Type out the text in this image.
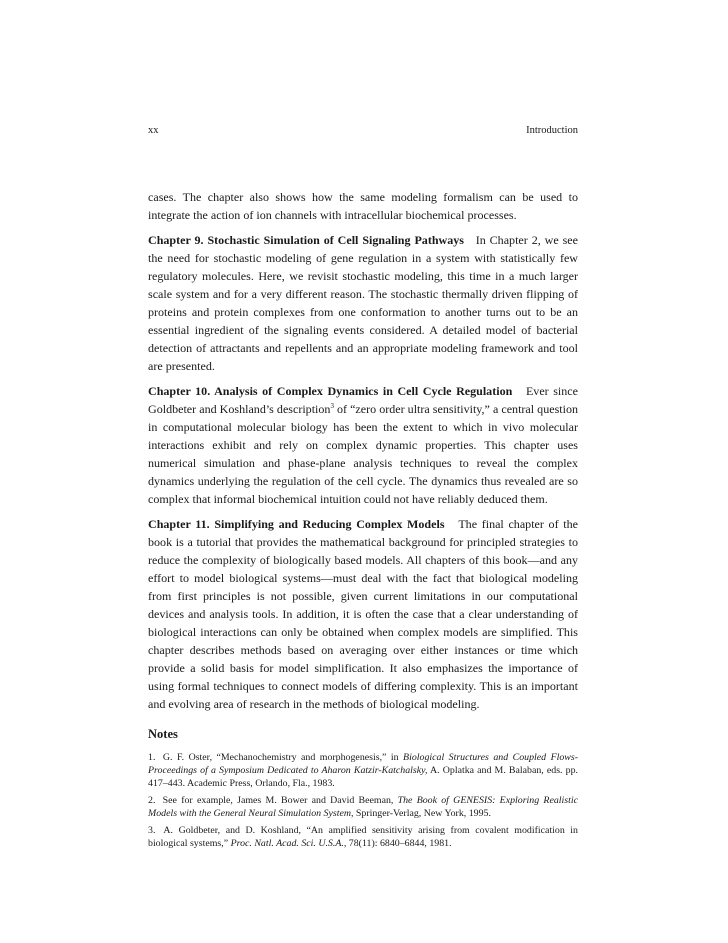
xx	Introduction

cases. The chapter also shows how the same modeling formalism can be used to integrate the action of ion channels with intracellular biochemical processes.

Chapter 9. Stochastic Simulation of Cell Signaling Pathways In Chapter 2, we see the need for stochastic modeling of gene regulation in a system with statistically few regulatory molecules. Here, we revisit stochastic modeling, this time in a much larger scale system and for a very different reason. The stochastic thermally driven flipping of proteins and protein complexes from one conformation to another turns out to be an essential ingredient of the signaling events considered. A detailed model of bacterial detection of attractants and repellents and an appropriate modeling framework and tool are presented.

Chapter 10. Analysis of Complex Dynamics in Cell Cycle Regulation Ever since Goldbeter and Koshland’s description$^3$ of “zero order ultra sensitivity,” a central question in computational molecular biology has been the extent to which in vivo molecular interactions exhibit and rely on complex dynamic properties. This chapter uses numerical simulation and phase-plane analysis techniques to reveal the complex dynamics underlying the regulation of the cell cycle. The dynamics thus revealed are so complex that informal biochemical intuition could not have reliably deduced them.

Chapter 11. Simplifying and Reducing Complex Models The final chapter of the book is a tutorial that provides the mathematical background for principled strategies to reduce the complexity of biologically based models. All chapters of this book—and any effort to model biological systems—must deal with the fact that biological modeling from first principles is not possible, given current limitations in our computational devices and analysis tools. In addition, it is often the case that a clear understanding of biological interactions can only be obtained when complex models are simplified. This chapter describes methods based on averaging over either instances or time which provide a solid basis for model simplification. It also emphasizes the importance of using formal techniques to connect models of differing complexity. This is an important and evolving area of research in the methods of biological modeling.

Notes
1. G. F. Oster, “Mechanochemistry and morphogenesis,” in Biological Structures and Coupled Flows-Proceedings of a Symposium Dedicated to Aharon Katzir-Katchalsky, A. Oplatka and M. Balaban, eds. pp. 417–443. Academic Press, Orlando, Fla., 1983.
2. See for example, James M. Bower and David Beeman, The Book of GENESIS: Exploring Realistic Models with the General Neural Simulation System, Springer-Verlag, New York, 1995.
3. A. Goldbeter, and D. Koshland, “An amplified sensitivity arising from covalent modification in biological systems,” Proc. Natl. Acad. Sci. U.S.A., 78(11): 6840–6844, 1981.
